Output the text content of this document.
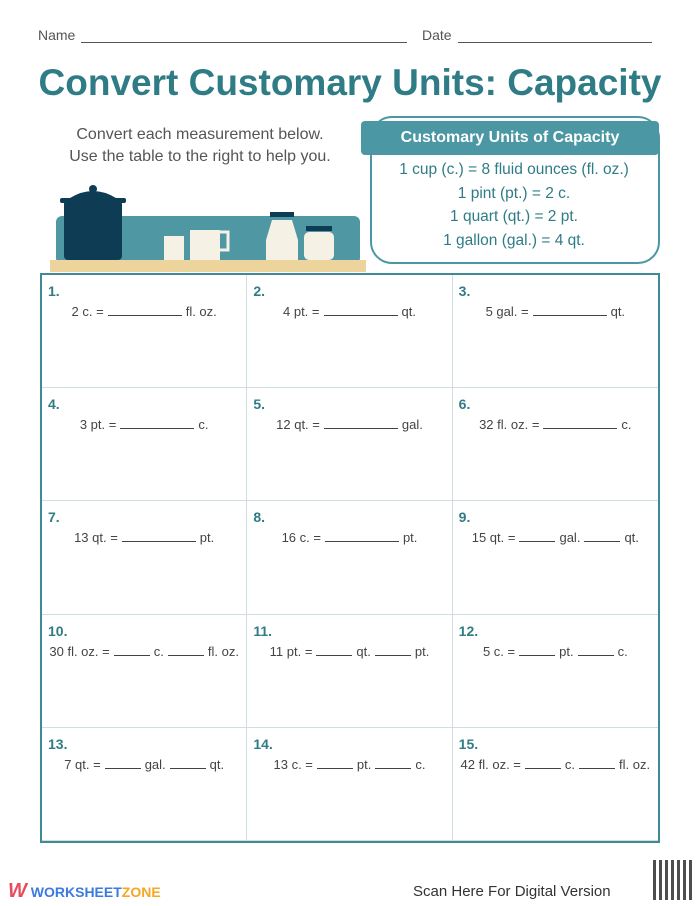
Name	Date
Convert Customary Units: Capacity
Convert each measurement below.
Use the table to the right to help you.
Customary Units of Capacity
1 cup (c.) = 8 fluid ounces (fl. oz.)
1 pint (pt.) = 2 c.
1 quart (qt.) = 2 pt.
1 gallon (gal.) = 4 qt.
1.
2 c. =	fl. oz.
2.
4 pt. =	qt.
3.
5 gal. =	qt.
4.
3 pt. =	c.
5.
12 qt. =	gal.
6.
32 fl. oz. =	c.
7.
13 qt. =	pt.
8.
16 c. =	pt.
9.
15 qt. =	gal.	qt.
10.
30 fl. oz. =	c.	fl. oz.
11.
11 pt. =	qt.	pt.
12.
5 c. =	pt.	c.
13.
7 qt. =	gal.	qt.
14.
13 c. =	pt.	c.
15.
42 fl. oz. =	c.	fl. oz.
W WORKSHEETZONE	Scan Here For Digital Version
